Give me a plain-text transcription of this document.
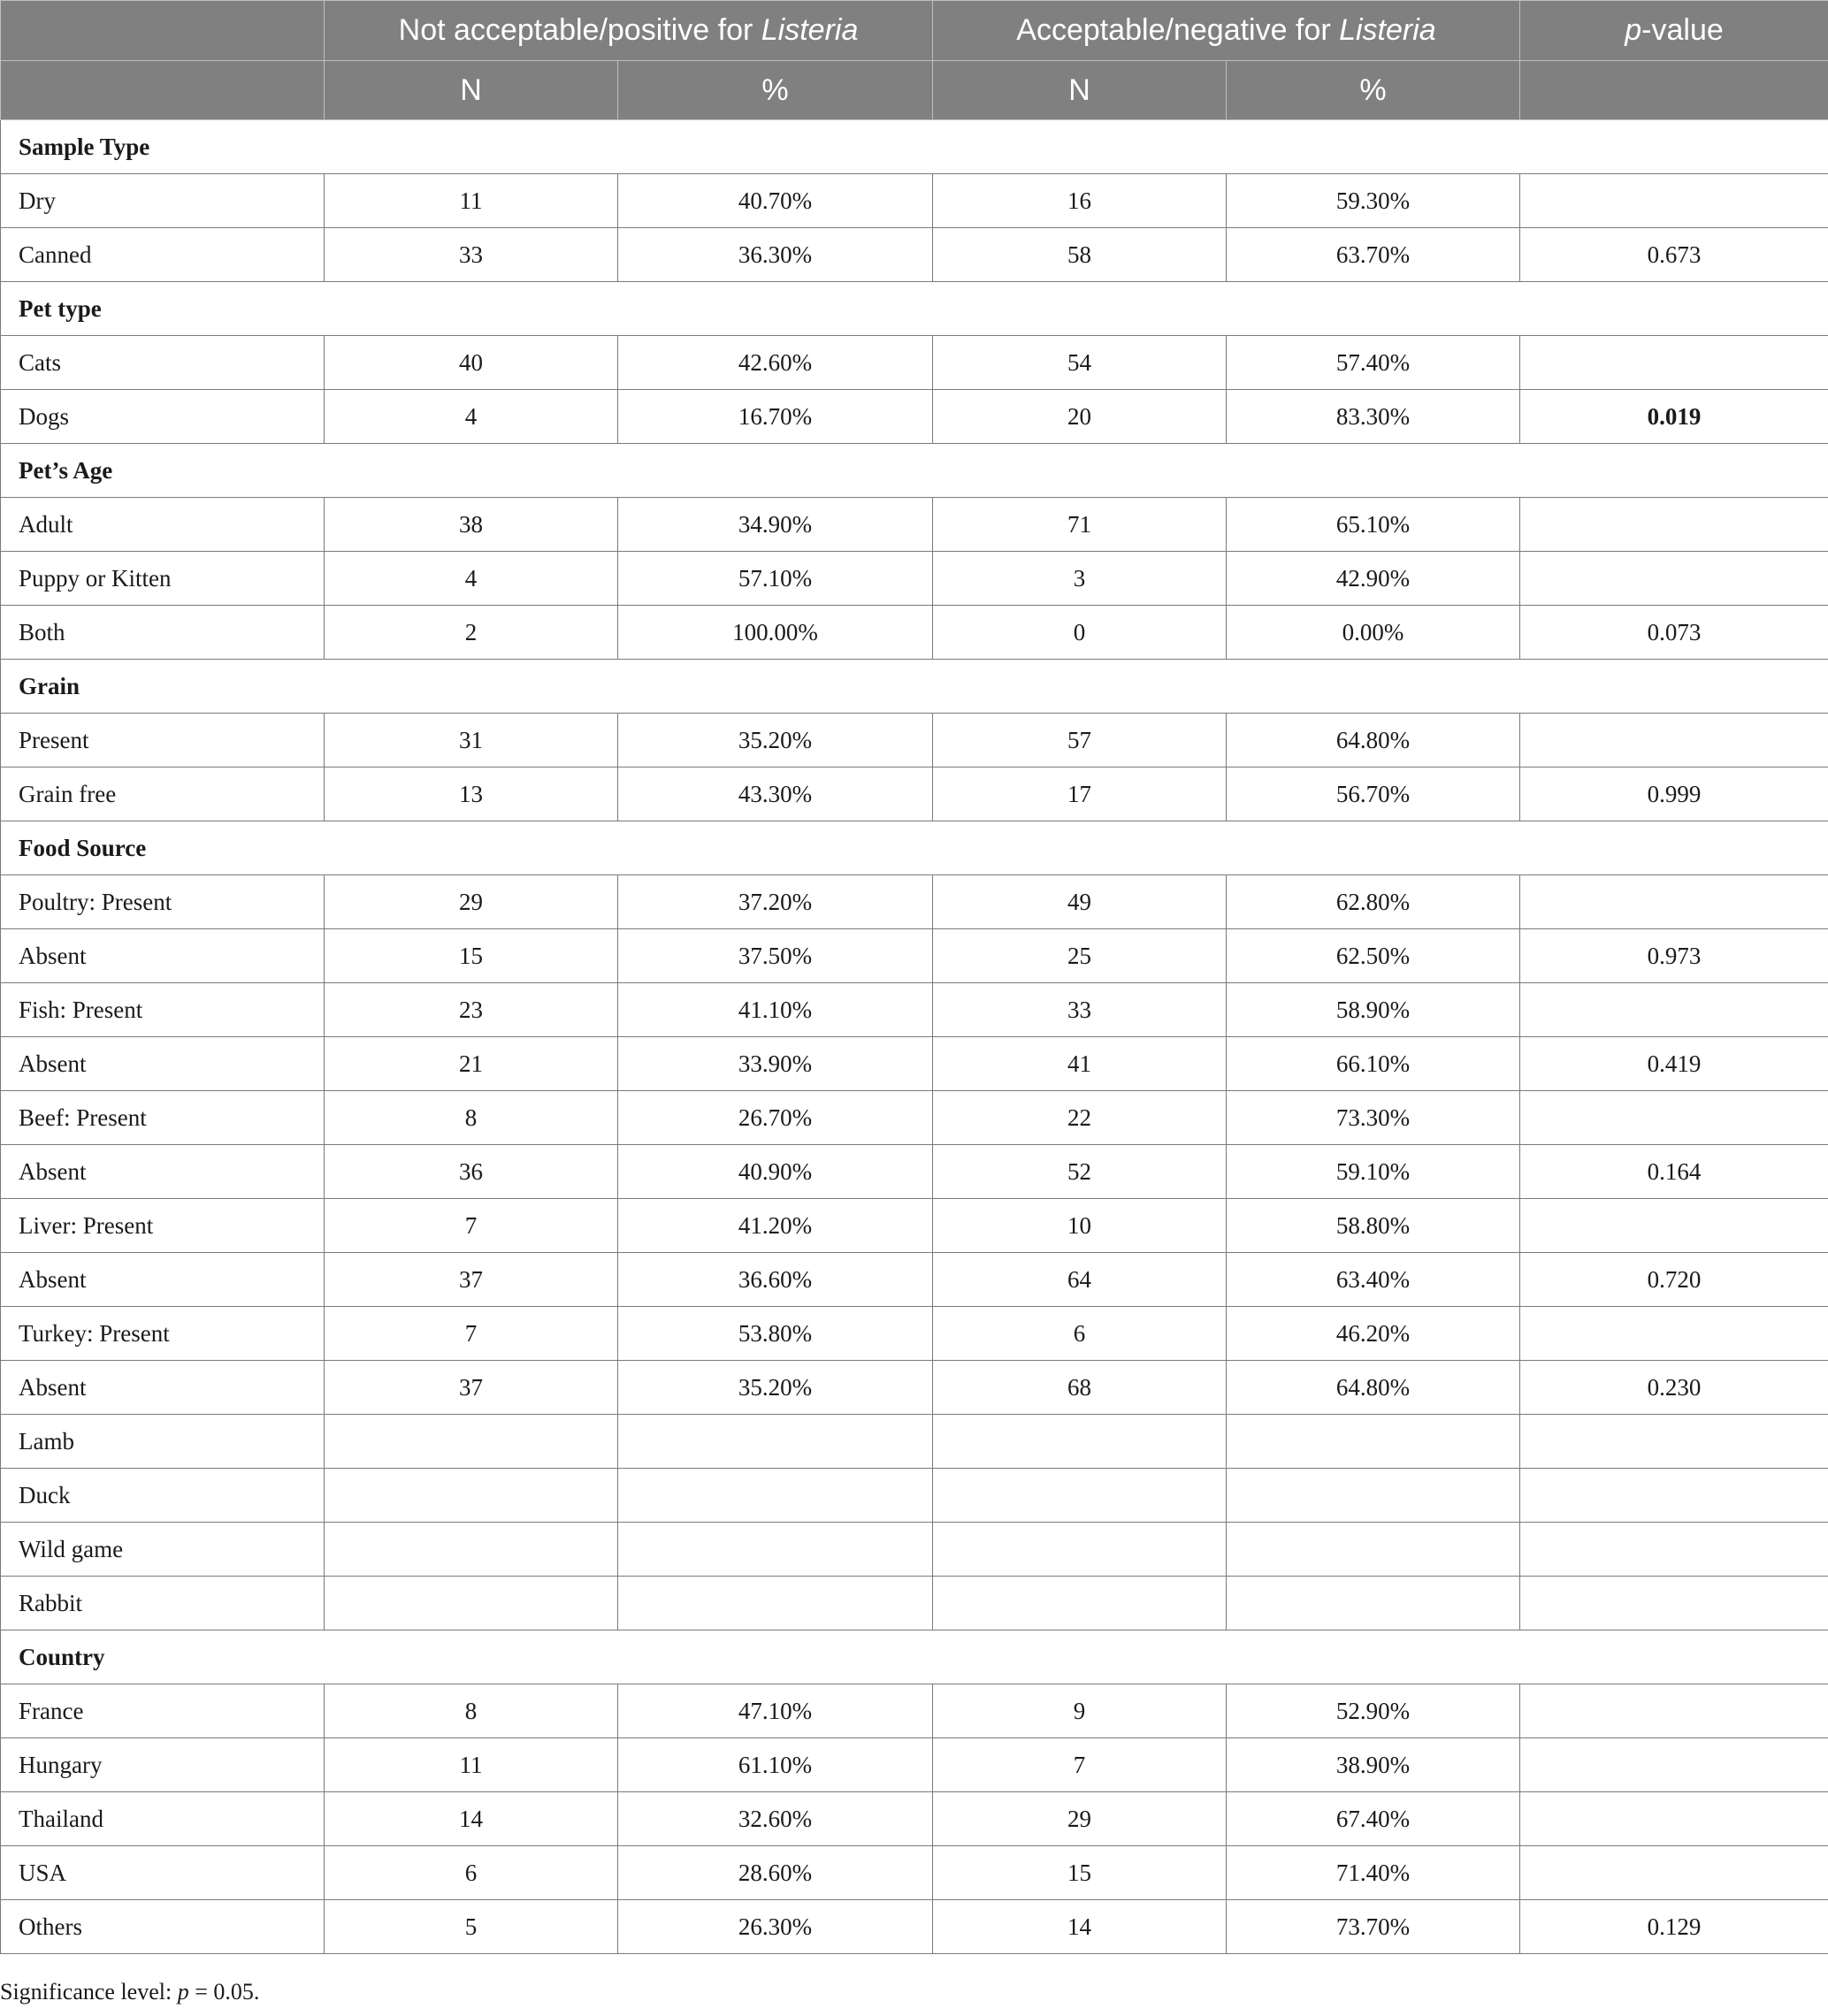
	Not acceptable/positive for Listeria		Acceptable/negative for Listeria		p-value
	N	%	N	%	
Sample Type					
Dry	11	40.70%	16	59.30%	
Canned	33	36.30%	58	63.70%	0.673
Pet type					
Cats	40	42.60%	54	57.40%	
Dogs	4	16.70%	20	83.30%	0.019
Pet’s Age					
Adult	38	34.90%	71	65.10%	
Puppy or Kitten	4	57.10%	3	42.90%	
Both	2	100.00%	0	0.00%	0.073
Grain					
Present	31	35.20%	57	64.80%	
Grain free	13	43.30%	17	56.70%	0.999
Food Source					
Poultry: Present	29	37.20%	49	62.80%	
Absent	15	37.50%	25	62.50%	0.973
Fish: Present	23	41.10%	33	58.90%	
Absent	21	33.90%	41	66.10%	0.419
Beef: Present	8	26.70%	22	73.30%	
Absent	36	40.90%	52	59.10%	0.164
Liver: Present	7	41.20%	10	58.80%	
Absent	37	36.60%	64	63.40%	0.720
Turkey: Present	7	53.80%	6	46.20%	
Absent	37	35.20%	68	64.80%	0.230
Lamb					
Duck					
Wild game					
Rabbit					
Country					
France	8	47.10%	9	52.90%	
Hungary	11	61.10%	7	38.90%	
Thailand	14	32.60%	29	67.40%	
USA	6	28.60%	15	71.40%	
Others	5	26.30%	14	73.70%	0.129
Significance level: p = 0.05.
